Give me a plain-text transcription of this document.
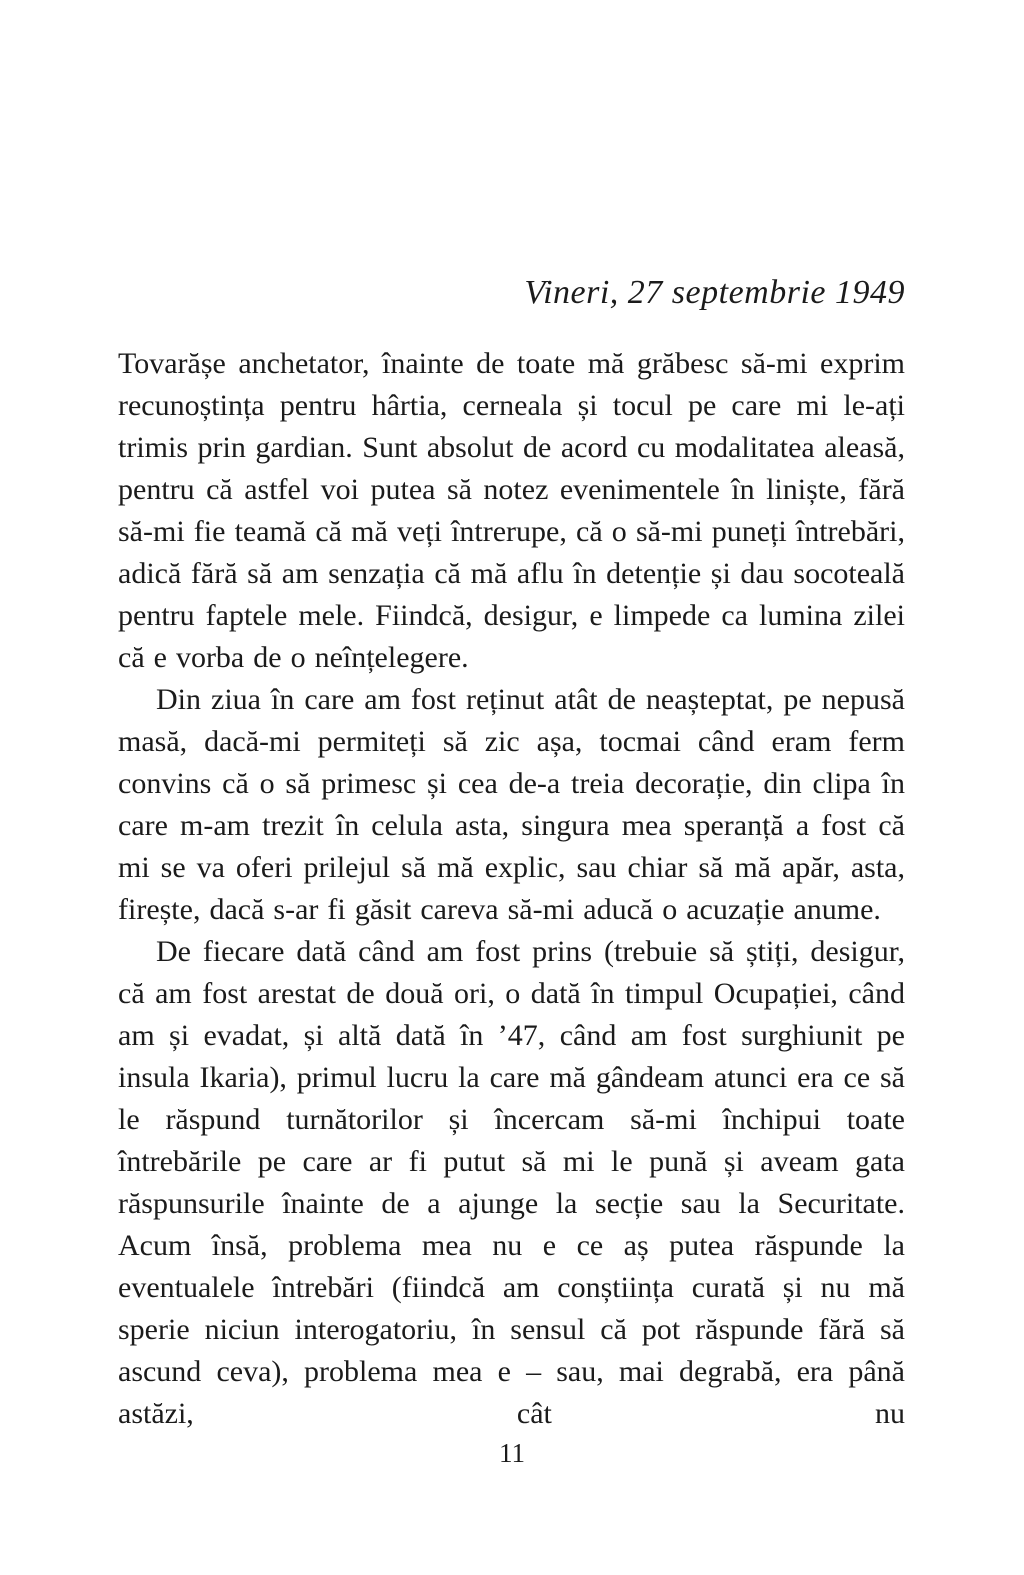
Vineri, 27 septembrie 1949

Tovarășe anchetator, înainte de toate mă grăbesc să-mi exprim recunoștința pentru hârtia, cerneala și tocul pe care mi le-ați trimis prin gardian. Sunt absolut de acord cu modalitatea aleasă, pentru că astfel voi putea să notez evenimentele în liniște, fără să-mi fie teamă că mă veți întrerupe, că o să-mi puneți întrebări, adică fără să am senzația că mă aflu în detenție și dau socoteală pentru faptele mele. Fiindcă, desigur, e limpede ca lumina zilei că e vorba de o neînțelegere.

Din ziua în care am fost reținut atât de neașteptat, pe nepusă masă, dacă-mi permiteți să zic așa, tocmai când eram ferm convins că o să primesc și cea de-a treia decorație, din clipa în care m-am trezit în celula asta, singura mea speranță a fost că mi se va oferi prilejul să mă explic, sau chiar să mă apăr, asta, firește, dacă s-ar fi găsit careva să-mi aducă o acuzație anume.

De fiecare dată când am fost prins (trebuie să știți, desigur, că am fost arestat de două ori, o dată în timpul Ocupației, când am și evadat, și altă dată în ’47, când am fost surghiunit pe insula Ikaria), primul lucru la care mă gândeam atunci era ce să le răspund turnătorilor și încercam să-mi închipui toate întrebările pe care ar fi putut să mi le pună și aveam gata răspunsurile înainte de a ajunge la secție sau la Securitate. Acum însă, problema mea nu e ce aș putea răspunde la eventualele întrebări (fiindcă am conștiința curată și nu mă sperie niciun interogatoriu, în sensul că pot răspunde fără să ascund ceva), problema mea e – sau, mai degrabă, era până astăzi, cât nu

11
